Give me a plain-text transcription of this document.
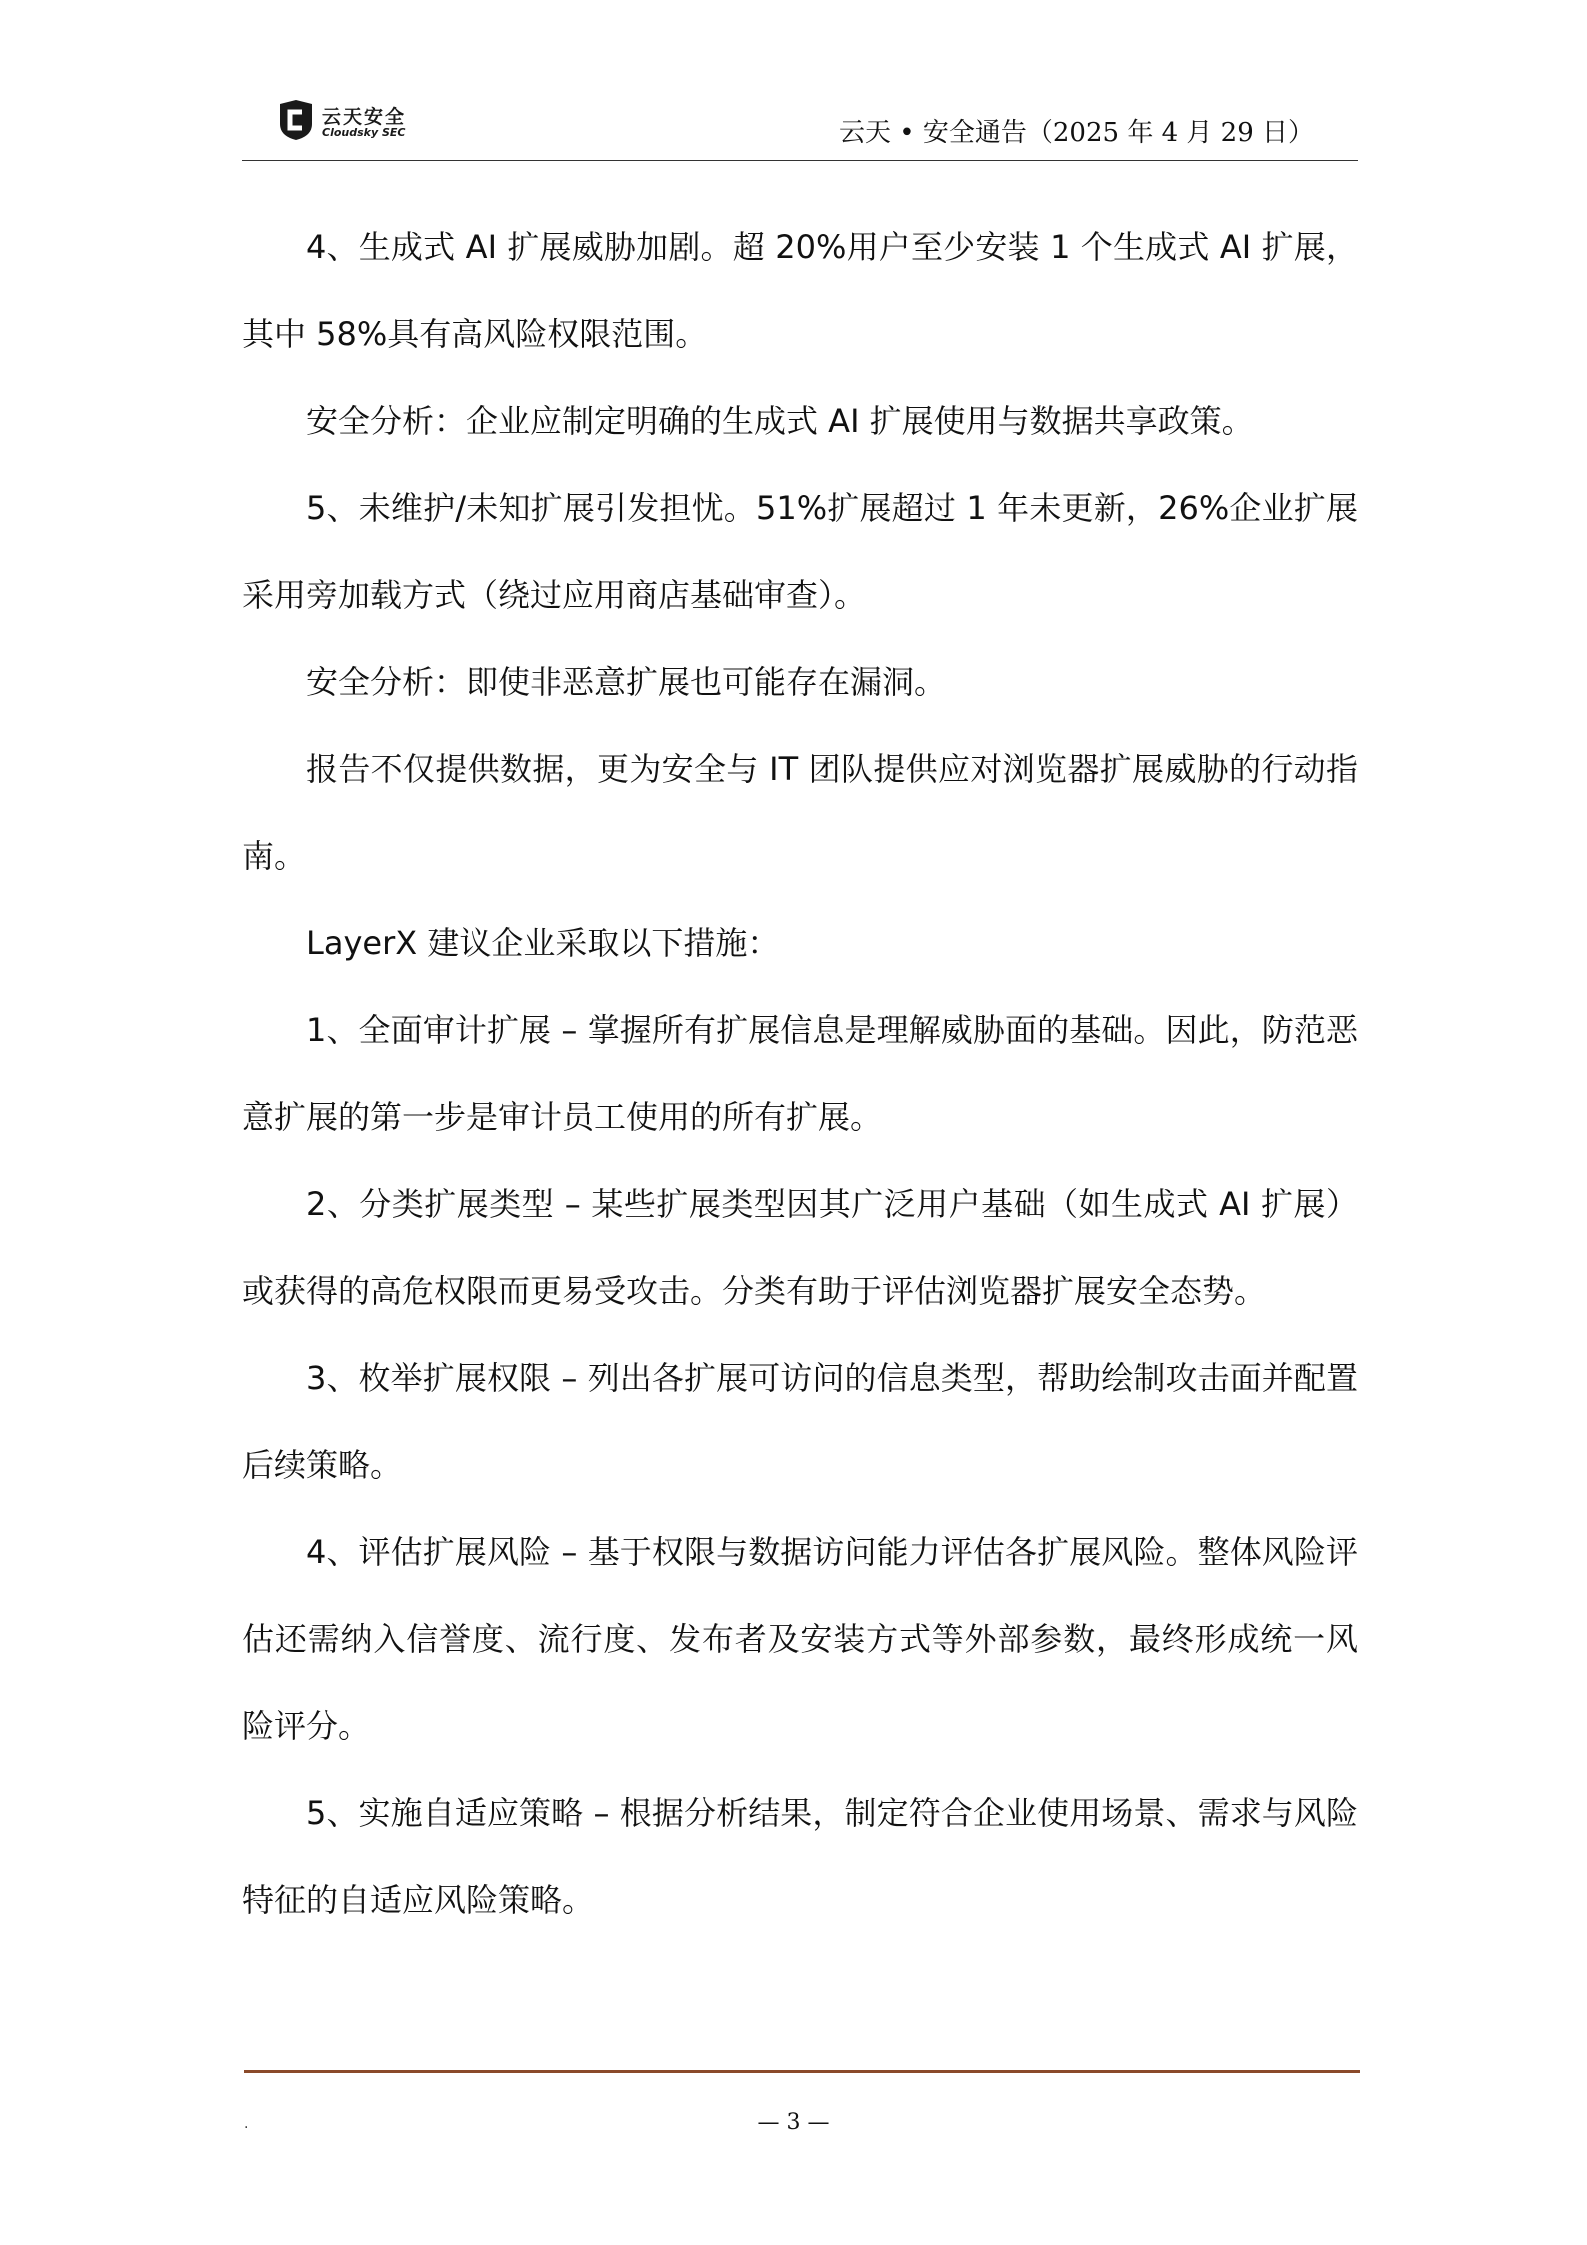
云天安全
Cloudsky SEC	云天 • 安全通告（2025 年 4 月 29 日）

4、生成式 AI 扩展威胁加剧。超 20%用户至少安装 1 个生成式 AI 扩展，其中 58%具有高风险权限范围。

安全分析：企业应制定明确的生成式 AI 扩展使用与数据共享政策。

5、未维护/未知扩展引发担忧。51%扩展超过 1 年未更新，26%企业扩展采用旁加载方式（绕过应用商店基础审查）。

安全分析：即使非恶意扩展也可能存在漏洞。

报告不仅提供数据，更为安全与 IT 团队提供应对浏览器扩展威胁的行动指南。

LayerX 建议企业采取以下措施：

1、全面审计扩展 – 掌握所有扩展信息是理解威胁面的基础。因此，防范恶意扩展的第一步是审计员工使用的所有扩展。

2、分类扩展类型 – 某些扩展类型因其广泛用户基础（如生成式 AI 扩展）或获得的高危权限而更易受攻击。分类有助于评估浏览器扩展安全态势。

3、枚举扩展权限 – 列出各扩展可访问的信息类型，帮助绘制攻击面并配置后续策略。

4、评估扩展风险 – 基于权限与数据访问能力评估各扩展风险。整体风险评估还需纳入信誉度、流行度、发布者及安装方式等外部参数，最终形成统一风险评分。

5、实施自适应策略 – 根据分析结果，制定符合企业使用场景、需求与风险特征的自适应风险策略。

.	— 3 —
